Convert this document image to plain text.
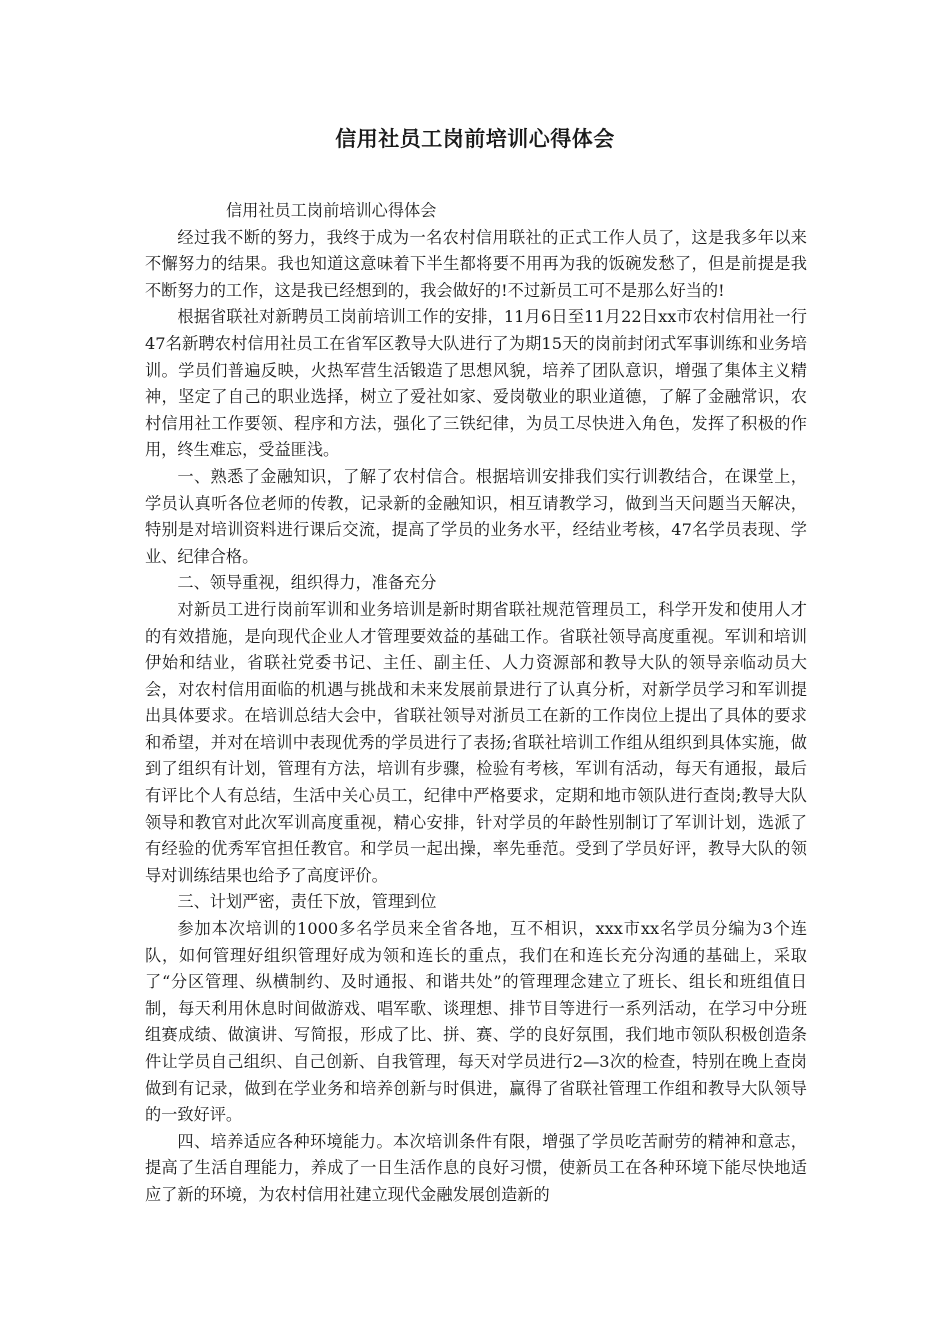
信用社员工岗前培训心得体会

信用社员工岗前培训心得体会

经过我不断的努力，我终于成为一名农村信用联社的正式工作人员了，这是我多年以来不懈努力的结果。我也知道这意味着下半生都将要不用再为我的饭碗发愁了，但是前提是我不断努力的工作，这是我已经想到的，我会做好的!不过新员工可不是那么好当的!

根据省联社对新聘员工岗前培训工作的安排，11月6日至11月22日xx市农村信用社一行47名新聘农村信用社员工在省军区教导大队进行了为期15天的岗前封闭式军事训练和业务培训。学员们普遍反映，火热军营生活锻造了思想风貌，培养了团队意识，增强了集体主义精神，坚定了自己的职业选择，树立了爱社如家、爱岗敬业的职业道德，了解了金融常识，农村信用社工作要领、程序和方法，强化了三铁纪律，为员工尽快进入角色，发挥了积极的作用，终生难忘，受益匪浅。

一、熟悉了金融知识，了解了农村信合。根据培训安排我们实行训教结合，在课堂上，学员认真听各位老师的传教，记录新的金融知识，相互请教学习，做到当天问题当天解决，特别是对培训资料进行课后交流，提高了学员的业务水平，经结业考核，47名学员表现、学业、纪律合格。

二、领导重视，组织得力，准备充分

对新员工进行岗前军训和业务培训是新时期省联社规范管理员工，科学开发和使用人才的有效措施，是向现代企业人才管理要效益的基础工作。省联社领导高度重视。军训和培训伊始和结业，省联社党委书记、主任、副主任、人力资源部和教导大队的领导亲临动员大会，对农村信用面临的机遇与挑战和未来发展前景进行了认真分析，对新学员学习和军训提出具体要求。在培训总结大会中，省联社领导对浙员工在新的工作岗位上提出了具体的要求和希望，并对在培训中表现优秀的学员进行了表扬;省联社培训工作组从组织到具体实施，做到了组织有计划，管理有方法，培训有步骤，检验有考核，军训有活动，每天有通报，最后有评比个人有总结，生活中关心员工，纪律中严格要求，定期和地市领队进行查岗;教导大队领导和教官对此次军训高度重视，精心安排，针对学员的年龄性别制订了军训计划，选派了有经验的优秀军官担任教官。和学员一起出操，率先垂范。受到了学员好评，教导大队的领导对训练结果也给予了高度评价。

三、计划严密，责任下放，管理到位

参加本次培训的1000多名学员来全省各地，互不相识，xxx市xx名学员分编为3个连队，如何管理好组织管理好成为领和连长的重点，我们在和连长充分沟通的基础上，采取了“分区管理、纵横制约、及时通报、和谐共处”的管理理念建立了班长、组长和班组值日制，每天利用休息时间做游戏、唱军歌、谈理想、排节目等进行一系列活动，在学习中分班组赛成绩、做演讲、写简报，形成了比、拼、赛、学的良好氛围，我们地市领队积极创造条件让学员自己组织、自己创新、自我管理，每天对学员进行2—3次的检查，特别在晚上查岗做到有记录，做到在学业务和培养创新与时俱进，赢得了省联社管理工作组和教导大队领导的一致好评。

四、培养适应各种环境能力。本次培训条件有限，增强了学员吃苦耐劳的精神和意志，提高了生活自理能力，养成了一日生活作息的良好习惯，使新员工在各种环境下能尽快地适应了新的环境，为农村信用社建立现代金融发展创造新的
